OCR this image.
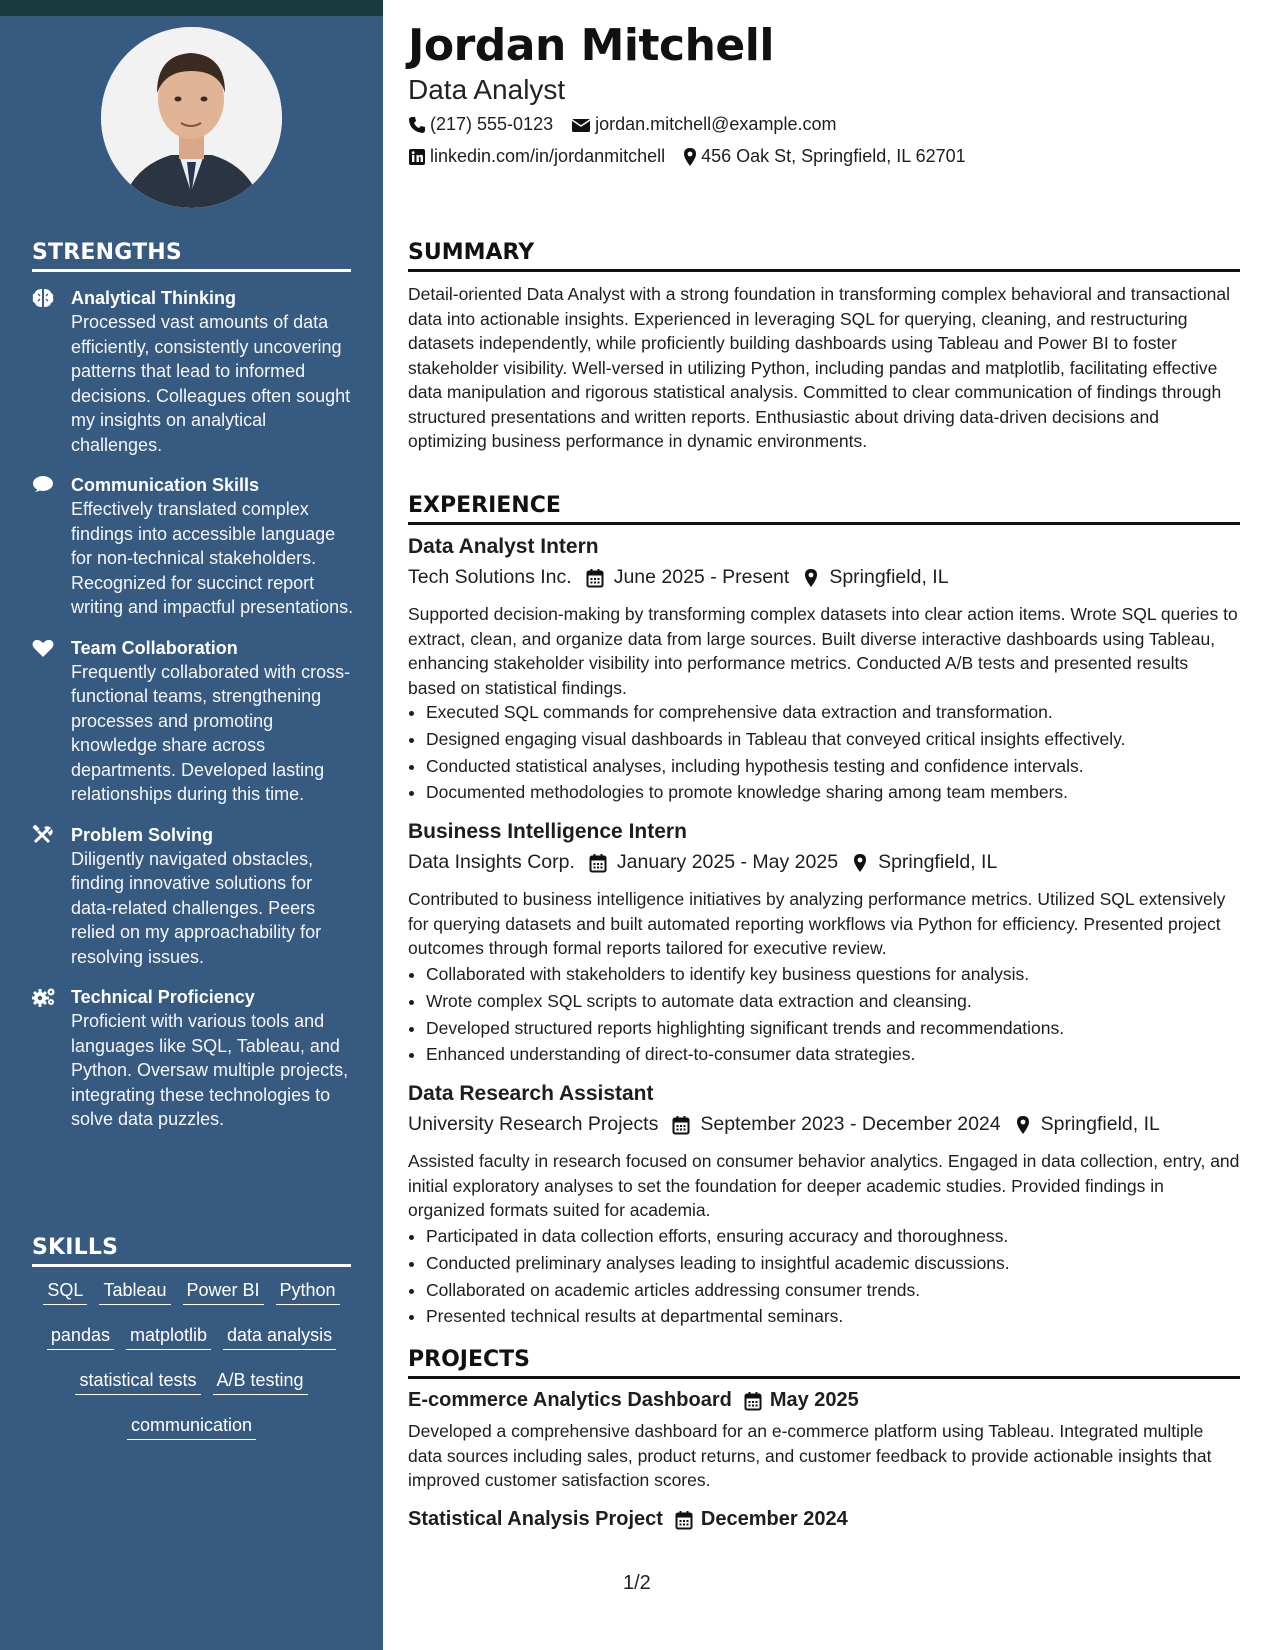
STRENGTHS
Analytical Thinking
Processed vast amounts of data efficiently, consistently uncovering patterns that lead to informed decisions. Colleagues often sought my insights on analytical challenges.
Communication Skills
Effectively translated complex findings into accessible language for non-technical stakeholders. Recognized for succinct report writing and impactful presentations.
Team Collaboration
Frequently collaborated with cross-functional teams, strengthening processes and promoting knowledge share across departments. Developed lasting relationships during this time.
Problem Solving
Diligently navigated obstacles, finding innovative solutions for data-related challenges. Peers relied on my approachability for resolving issues.
Technical Proficiency
Proficient with various tools and languages like SQL, Tableau, and Python. Oversaw multiple projects, integrating these technologies to solve data puzzles.
SKILLS
SQL Tableau Power BI Python
pandas matplotlib data analysis
statistical tests A/B testing
communication
Jordan Mitchell
Data Analyst
(217) 555-0123 jordan.mitchell@example.com
linkedin.com/in/jordanmitchell 456 Oak St, Springfield, IL 62701
SUMMARY
Detail-oriented Data Analyst with a strong foundation in transforming complex behavioral and transactional data into actionable insights. Experienced in leveraging SQL for querying, cleaning, and restructuring datasets independently, while proficiently building dashboards using Tableau and Power BI to foster stakeholder visibility. Well-versed in utilizing Python, including pandas and matplotlib, facilitating effective data manipulation and rigorous statistical analysis. Committed to clear communication of findings through structured presentations and written reports. Enthusiastic about driving data-driven decisions and optimizing business performance in dynamic environments.
EXPERIENCE
Data Analyst Intern
Tech Solutions Inc. June 2025 - Present Springfield, IL
Supported decision-making by transforming complex datasets into clear action items. Wrote SQL queries to extract, clean, and organize data from large sources. Built diverse interactive dashboards using Tableau, enhancing stakeholder visibility into performance metrics. Conducted A/B tests and presented results based on statistical findings.
• Executed SQL commands for comprehensive data extraction and transformation.
• Designed engaging visual dashboards in Tableau that conveyed critical insights effectively.
• Conducted statistical analyses, including hypothesis testing and confidence intervals.
• Documented methodologies to promote knowledge sharing among team members.
Business Intelligence Intern
Data Insights Corp. January 2025 - May 2025 Springfield, IL
Contributed to business intelligence initiatives by analyzing performance metrics. Utilized SQL extensively for querying datasets and built automated reporting workflows via Python for efficiency. Presented project outcomes through formal reports tailored for executive review.
• Collaborated with stakeholders to identify key business questions for analysis.
• Wrote complex SQL scripts to automate data extraction and cleansing.
• Developed structured reports highlighting significant trends and recommendations.
• Enhanced understanding of direct-to-consumer data strategies.
Data Research Assistant
University Research Projects September 2023 - December 2024 Springfield, IL
Assisted faculty in research focused on consumer behavior analytics. Engaged in data collection, entry, and initial exploratory analyses to set the foundation for deeper academic studies. Provided findings in organized formats suited for academia.
• Participated in data collection efforts, ensuring accuracy and thoroughness.
• Conducted preliminary analyses leading to insightful academic discussions.
• Collaborated on academic articles addressing consumer trends.
• Presented technical results at departmental seminars.
PROJECTS
E-commerce Analytics Dashboard May 2025
Developed a comprehensive dashboard for an e-commerce platform using Tableau. Integrated multiple data sources including sales, product returns, and customer feedback to provide actionable insights that improved customer satisfaction scores.
Statistical Analysis Project December 2024
1/2
